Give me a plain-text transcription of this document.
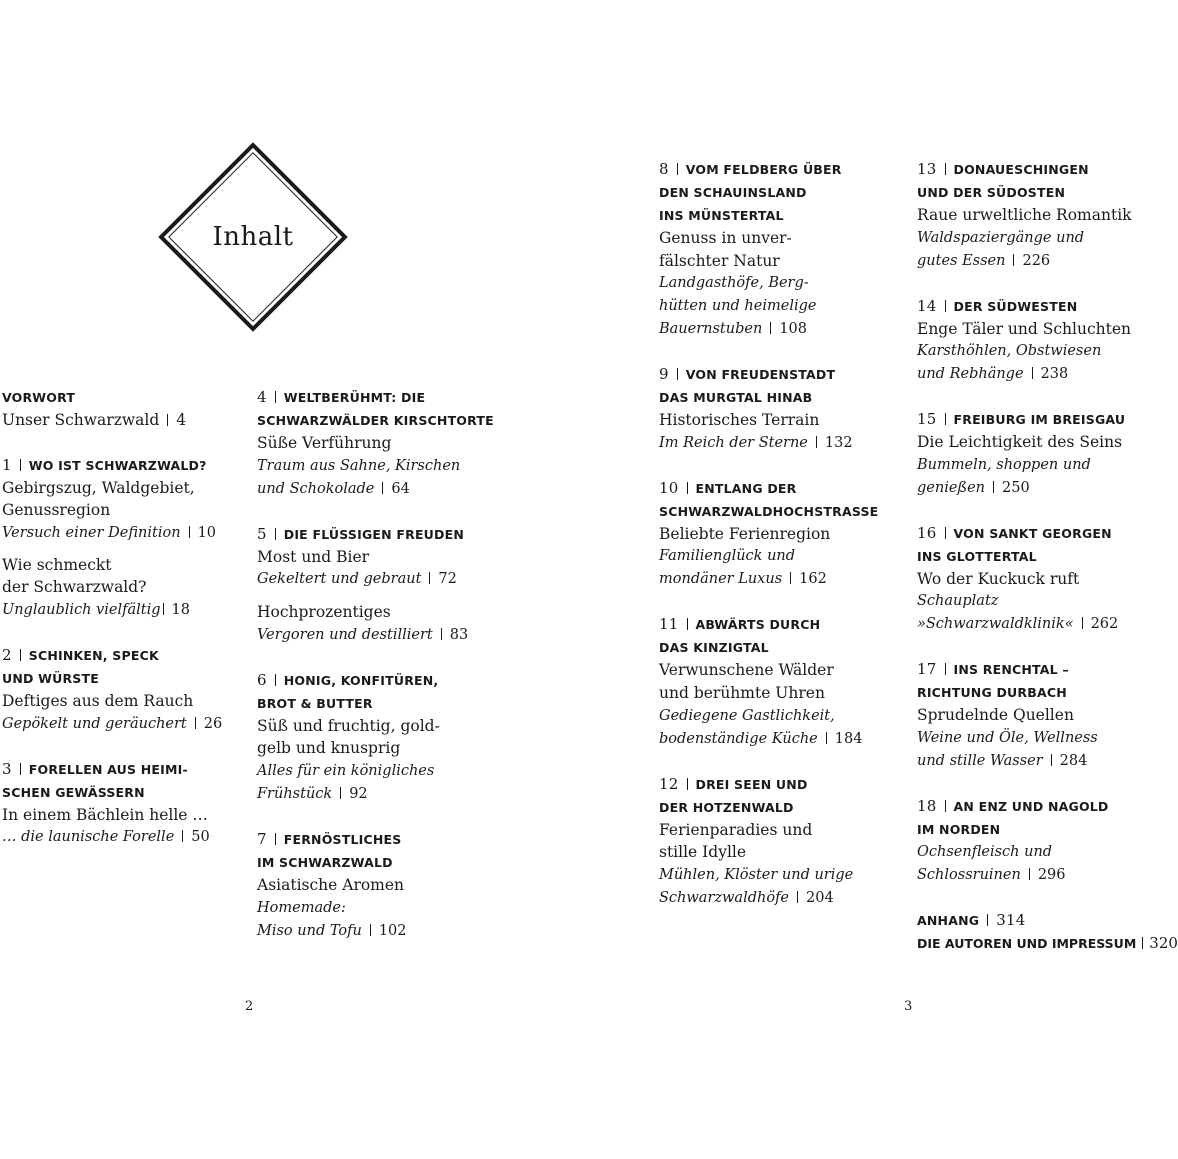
Inhalt
VORWORT
Unser Schwarzwald 4
1 WO IST SCHWARZWALD?
Gebirgszug, Waldgebiet,
Genussregion
Versuch einer Definition 10
Wie schmeckt
der Schwarzwald?
Unglaublich vielfältig 18
2 SCHINKEN, SPECK
UND WÜRSTE
Deftiges aus dem Rauch
Gepökelt und geräuchert 26
3 FORELLEN AUS HEIMI-
SCHEN GEWÄSSERN
In einem Bächlein helle …
… die launische Forelle 50
4 WELTBERÜHMT: DIE
SCHWARZWÄLDER KIRSCHTORTE
Süße Verführung
Traum aus Sahne, Kirschen
und Schokolade 64
5 DIE FLÜSSIGEN FREUDEN
Most und Bier
Gekeltert und gebraut 72
Hochprozentiges
Vergoren und destilliert 83
6 HONIG, KONFITÜREN,
BROT & BUTTER
Süß und fruchtig, gold-
gelb und knusprig
Alles für ein königliches
Frühstück 92
7 FERNÖSTLICHES
IM SCHWARZWALD
Asiatische Aromen
Homemade:
Miso und Tofu 102
8 VOM FELDBERG ÜBER
DEN SCHAUINSLAND
INS MÜNSTERTAL
Genuss in unver-
fälschter Natur
Landgasthöfe, Berg-
hütten und heimelige
Bauernstuben 108
9 VON FREUDENSTADT
DAS MURGTAL HINAB
Historisches Terrain
Im Reich der Sterne 132
10 ENTLANG DER
SCHWARZWALDHOCHSTRASSE
Beliebte Ferienregion
Familienglück und
mondäner Luxus 162
11 ABWÄRTS DURCH
DAS KINZIGTAL
Verwunschene Wälder
und berühmte Uhren
Gediegene Gastlichkeit,
bodenständige Küche 184
12 DREI SEEN UND
DER HOTZENWALD
Ferienparadies und
stille Idylle
Mühlen, Klöster und urige
Schwarzwaldhöfe 204
13 DONAUESCHINGEN
UND DER SÜDOSTEN
Raue urweltliche Romantik
Waldspaziergänge und
gutes Essen 226
14 DER SÜDWESTEN
Enge Täler und Schluchten
Karsthöhlen, Obstwiesen
und Rebhänge 238
15 FREIBURG IM BREISGAU
Die Leichtigkeit des Seins
Bummeln, shoppen und
genießen 250
16 VON SANKT GEORGEN
INS GLOTTERTAL
Wo der Kuckuck ruft
Schauplatz
»Schwarzwaldklinik« 262
17 INS RENCHTAL –
RICHTUNG DURBACH
Sprudelnde Quellen
Weine und Öle, Wellness
und stille Wasser 284
18 AN ENZ UND NAGOLD
IM NORDEN
Ochsenfleisch und
Schlossruinen 296
ANHANG 314
DIE AUTOREN UND IMPRESSUM 320
2	3
